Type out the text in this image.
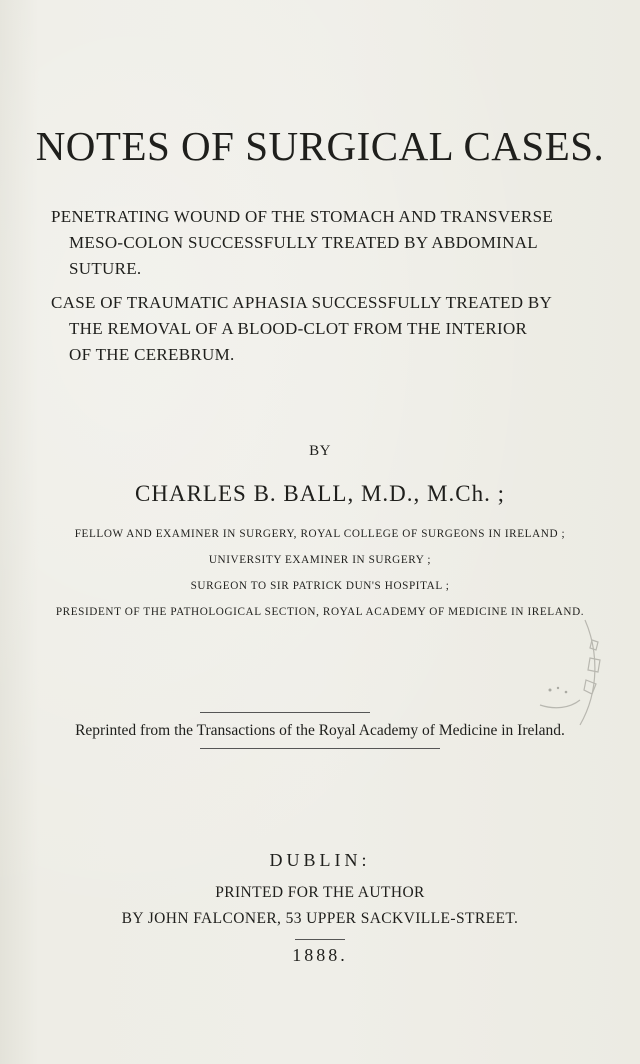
NOTES OF SURGICAL CASES.
PENETRATING WOUND OF THE STOMACH AND TRANSVERSE
MESO-COLON SUCCESSFULLY TREATED BY ABDOMINAL
SUTURE.
CASE OF TRAUMATIC APHASIA SUCCESSFULLY TREATED BY
THE REMOVAL OF A BLOOD-CLOT FROM THE INTERIOR
OF THE CEREBRUM.
BY
CHARLES B. BALL, M.D., M.Ch. ;
FELLOW AND EXAMINER IN SURGERY, ROYAL COLLEGE OF SURGEONS IN IRELAND ;
UNIVERSITY EXAMINER IN SURGERY ;
SURGEON TO SIR PATRICK DUN'S HOSPITAL ;
PRESIDENT OF THE PATHOLOGICAL SECTION, ROYAL ACADEMY OF MEDICINE IN IRELAND.
Reprinted from the Transactions of the Royal Academy of Medicine in Ireland.
DUBLIN:
PRINTED FOR THE AUTHOR
BY JOHN FALCONER, 53 UPPER SACKVILLE-STREET.
1888.
